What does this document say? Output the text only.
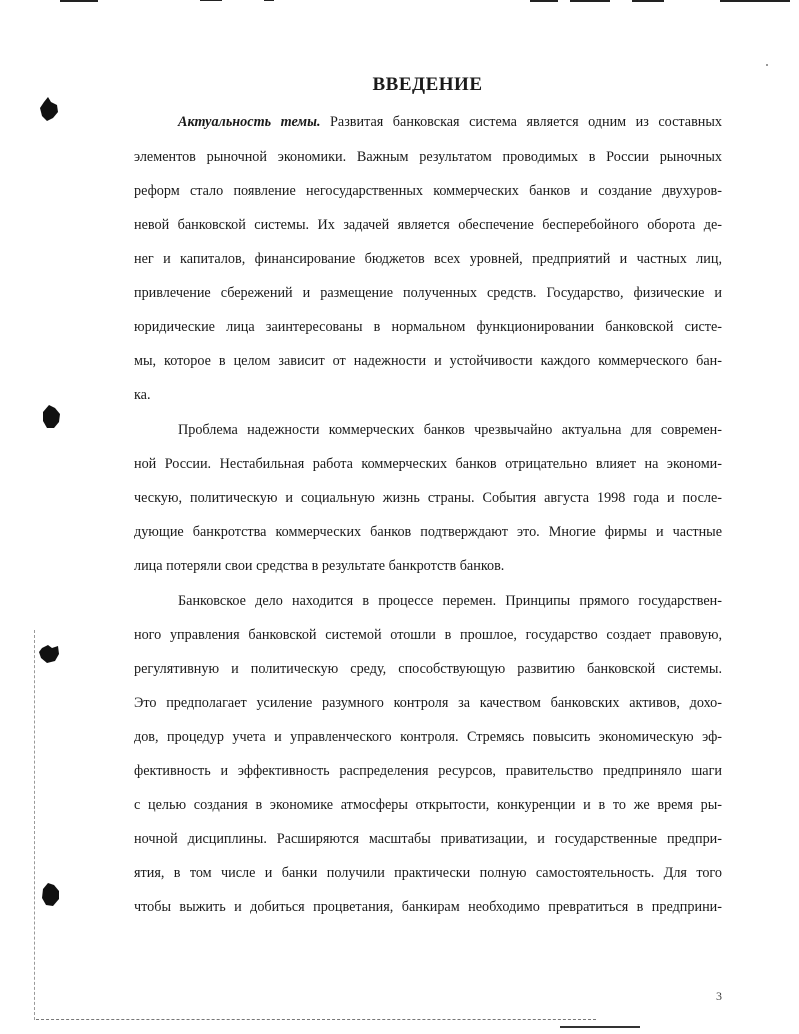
ВВЕДЕНИЕ
Актуальность темы. Развитая банковская система является одним из составных
элементов рыночной экономики. Важным результатом проводимых в России рыночных
реформ стало появление негосударственных коммерческих банков и создание двухуров-
невой банковской системы. Их задачей является обеспечение бесперебойного оборота де-
нег и капиталов, финансирование бюджетов всех уровней, предприятий и частных лиц,
привлечение сбережений и размещение полученных средств. Государство, физические и
юридические лица заинтересованы в нормальном функционировании банковской систе-
мы, которое в целом зависит от надежности и устойчивости каждого коммерческого бан-
ка.
Проблема надежности коммерческих банков чрезвычайно актуальна для современ-
ной России. Нестабильная работа коммерческих банков отрицательно влияет на экономи-
ческую, политическую и социальную жизнь страны. События августа 1998 года и после-
дующие банкротства коммерческих банков подтверждают это. Многие фирмы и частные
лица потеряли свои средства в результате банкротств банков.
Банковское дело находится в процессе перемен. Принципы прямого государствен-
ного управления банковской системой отошли в прошлое, государство создает правовую,
регулятивную и политическую среду, способствующую развитию банковской системы.
Это предполагает усиление разумного контроля за качеством банковских активов, дохо-
дов, процедур учета и управленческого контроля. Стремясь повысить экономическую эф-
фективность и эффективность распределения ресурсов, правительство предприняло шаги
с целью создания в экономике атмосферы открытости, конкуренции и в то же время ры-
ночной дисциплины. Расширяются масштабы приватизации, и государственные предпри-
ятия, в том числе и банки получили практически полную самостоятельность. Для того
чтобы выжить и добиться процветания, банкирам необходимо превратиться в предприни-
3
